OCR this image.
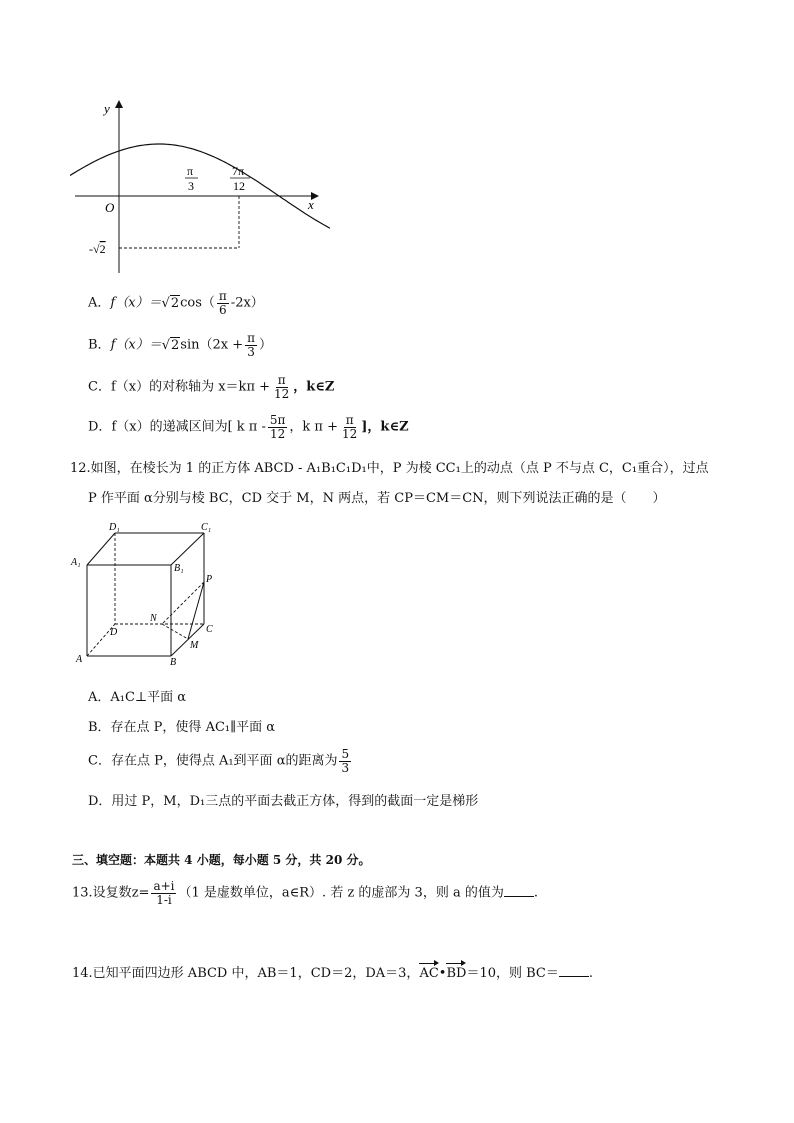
y
x
O
π
3
7π
12
-√2
A．$f(x)=√2\cos( \frac{\pi}{6} -2x)$
B．$f(x)=√2\sin(2x + \frac{\pi}{3}$ ）
C．f（x）的对称轴为 $x=k\pi + \frac{\pi}{12}$ ，k∈Z
D．f（x）的递减区间为[ k π - $\frac{5\pi}{12}$ ，k $\pi + \frac{\pi}{12}$ ]，k∈Z
12.如图，在棱长为 1 的正方体 ABCD - A₁B₁C₁D₁中，P 为棱 CC₁上的动点（点 P 不与点 C，C₁重合），过点
P 作平面 α分别与棱 BC，CD 交于 M，N 两点，若 CP＝CM＝CN，则下列说法正确的是（　　）
D₁	C₁
A₁
B₁
P
N
D	C
M
A	B
A．A₁C⊥平面 α
B．存在点 P，使得 AC₁∥平面 α
C．存在点 P，使得点 A₁到平面 α的距离为 $\frac{5}{3}$
D．用过 P，M，D₁三点的平面去截正方体，得到的截面一定是梯形
三、填空题：本题共 4 小题，每小题 5 分，共 20 分。
13.设复数$z= \frac{a+i}{1-i} (1$ 是虚数单位，a∈R）. 若 z 的虚部为 3，则 a 的值为 .
14.已知平面四边形 ABCD 中，AB＝1，CD＝2，DA＝3，AC•BD＝10，则 BC＝ .
